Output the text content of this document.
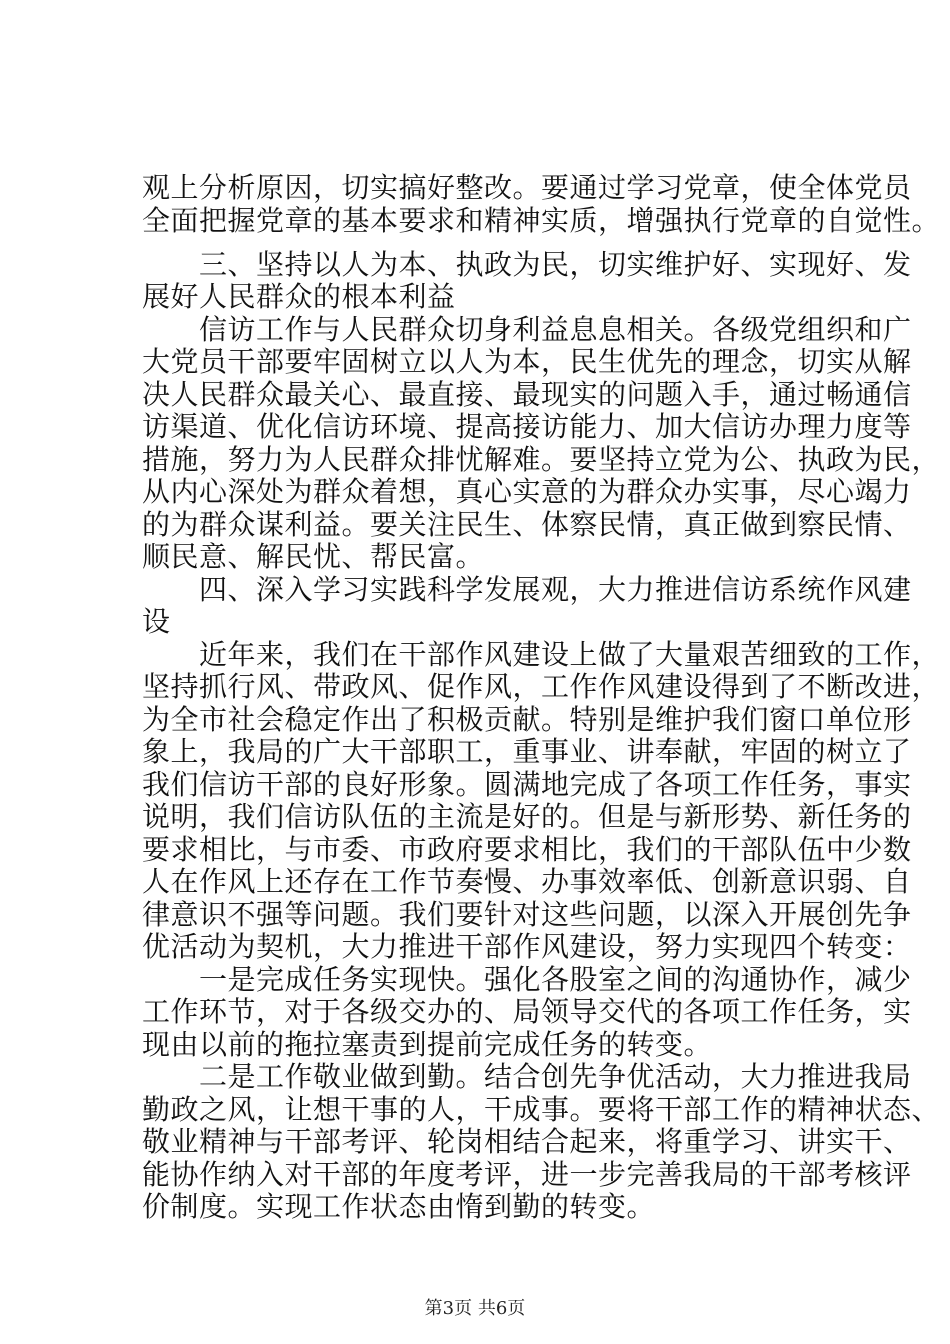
观上分析原因，切实搞好整改。要通过学习党章，使全体党员
全面把握党章的基本要求和精神实质，增强执行党章的自觉性。
　　三、坚持以人为本、执政为民，切实维护好、实现好、发
展好人民群众的根本利益
　　信访工作与人民群众切身利益息息相关。各级党组织和广
大党员干部要牢固树立以人为本，民生优先的理念，切实从解
决人民群众最关心、最直接、最现实的问题入手，通过畅通信
访渠道、优化信访环境、提高接访能力、加大信访办理力度等
措施，努力为人民群众排忧解难。要坚持立党为公、执政为民，
从内心深处为群众着想，真心实意的为群众办实事，尽心竭力
的为群众谋利益。要关注民生、体察民情，真正做到察民情、
顺民意、解民忧、帮民富。
　　四、深入学习实践科学发展观，大力推进信访系统作风建
设
　　近年来，我们在干部作风建设上做了大量艰苦细致的工作，
坚持抓行风、带政风、促作风，工作作风建设得到了不断改进，
为全市社会稳定作出了积极贡献。特别是维护我们窗口单位形
象上，我局的广大干部职工，重事业、讲奉献，牢固的树立了
我们信访干部的良好形象。圆满地完成了各项工作任务，事实
说明，我们信访队伍的主流是好的。但是与新形势、新任务的
要求相比，与市委、市政府要求相比，我们的干部队伍中少数
人在作风上还存在工作节奏慢、办事效率低、创新意识弱、自
律意识不强等问题。我们要针对这些问题，以深入开展创先争
优活动为契机，大力推进干部作风建设，努力实现四个转变：
　　一是完成任务实现快。强化各股室之间的沟通协作，减少
工作环节，对于各级交办的、局领导交代的各项工作任务，实
现由以前的拖拉塞责到提前完成任务的转变。
　　二是工作敬业做到勤。结合创先争优活动，大力推进我局
勤政之风，让想干事的人，干成事。要将干部工作的精神状态、
敬业精神与干部考评、轮岗相结合起来，将重学习、讲实干、
能协作纳入对干部的年度考评，进一步完善我局的干部考核评
价制度。实现工作状态由惰到勤的转变。
第3页 共6页
